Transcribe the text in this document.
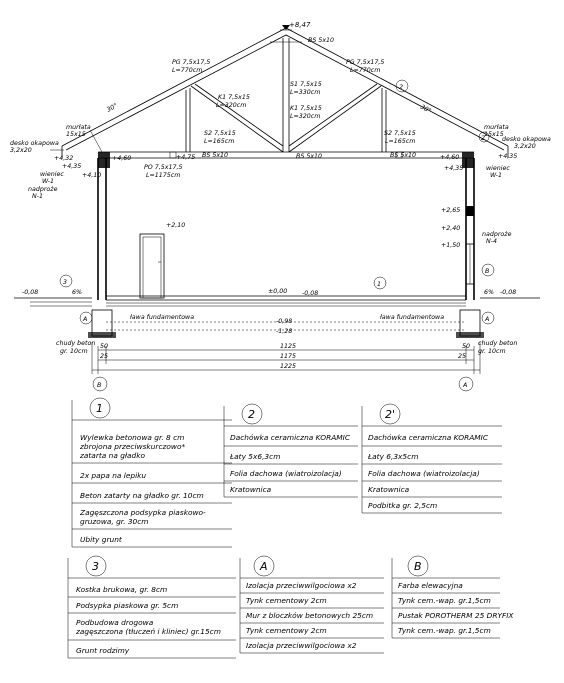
+8,47
BS 5x10
PG 7,5x17,5
L=770cm
PG 7,5x17,5
L=770cm
K1 7,5x15
L=320cm
S1 7,5x15
L=330cm
K1 7,5x15
L=320cm
S2 7,5x15
L=165cm
S2 7,5x15
L=165cm
BS 5x10	BS 5x10	BS 5x10
PO 7,5x17,5
L=1175cm
30°	30°
+2,10
±0,00 -0,08
-0,08	-0,08
6%	6%
-0,98
-1,28
ława fundamentowa	ława fundamentowa
chudy beton
gr. 10cm
chudy beton
gr. 10cm
murłata
15x15
desko okapowa
3,2x20
+4,32
+4,35
wieniec
W-1
+4,10
nadproże
N-1
+4,60	+4,75
murłata
15x15
desko okapowa
3,2x20
+4,60	+4,35
+4,35	wieniec
W-1
+2,65
+2,40
+1,50
nadproże
N-4
1125
1175
1225
50	50
25	25
2
2
1
3
A	A
B
B	A
1
Wylewka betonowa gr. 8 cm
zbrojona przeciwskurczowo*
zatarta na gładko
2x papa na lepiku
Beton zatarty na gładko gr. 10cm
Zagęszczona podsypka piaskowo-
gruzowa, gr. 30cm
Ubity grunt
2
Dachówka ceramiczna KORAMIC
Łaty 5x6,3cm
Folia dachowa (wiatroizolacja)
Kratownica
2'
Dachówka ceramiczna KORAMIC
Łaty 6,3x5cm
Folia dachowa (wiatroizolacja)
Kratownica
Podbitka gr. 2,5cm
3
Kostka brukowa, gr. 8cm
Podsypka piaskowa gr. 5cm
Podbudowa drogowa
zagęszczona (tłuczeń i kliniec) gr.15cm
Grunt rodzimy
A
Izolacja przeciwwilgociowa x2
Tynk cementowy 2cm
Mur z bloczków betonowych 25cm
Tynk cementowy 2cm
Izolacja przeciwwilgociowa x2
B
Farba elewacyjna
Tynk cem.-wap. gr.1,5cm
Pustak POROTHERM 25 DRYFIX
Tynk cem.-wap. gr.1,5cm
